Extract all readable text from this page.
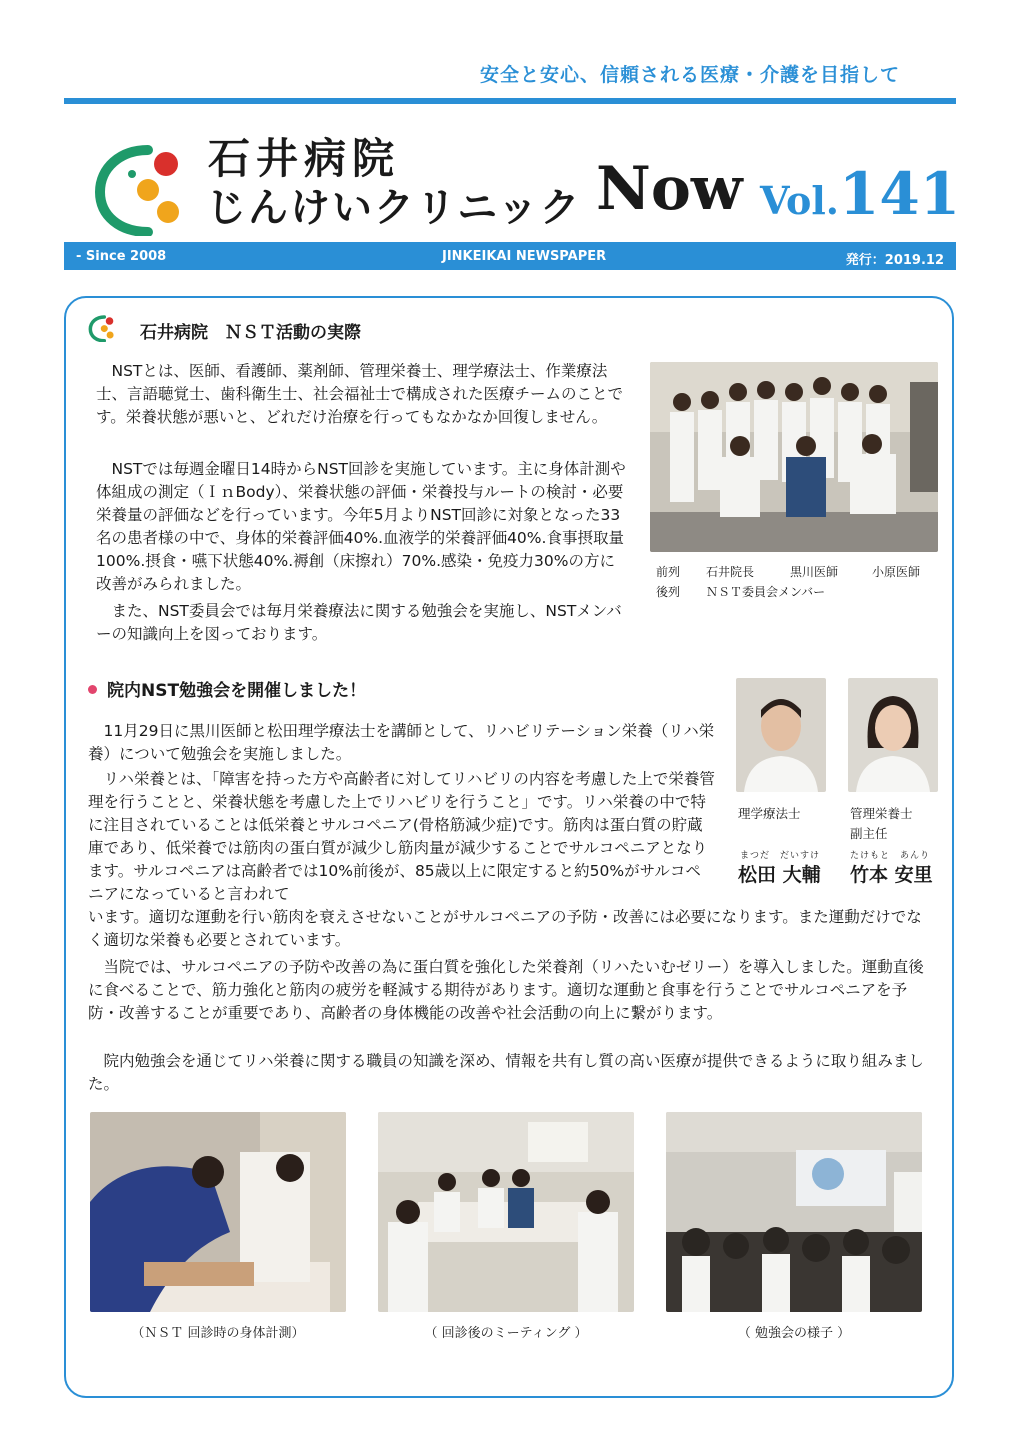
安全と安心、信頼される医療・介護を目指して
石井病院
じんけいクリニック Now Vol.141
- Since 2008	JINKEIKAI NEWSPAPER	発行：2019.12
石井病院　ＮＳＴ活動の実際
NSTとは、医師、看護師、薬剤師、管理栄養士、理学療法士、作業療法士、言語聴覚士、歯科衛生士、社会福祉士で構成された医療チームのことです。栄養状態が悪いと、どれだけ治療を行ってもなかなか回復しません。
NSTでは毎週金曜日14時からNST回診を実施しています。主に身体計測や体組成の測定（ＩｎBody）、栄養状態の評価・栄養投与ルートの検討・必要栄養量の評価などを行っています。今年5月よりNST回診に対象となった33名の患者様の中で、身体的栄養評価40%.血液学的栄養評価40%.食事摂取量100%.摂食・嚥下状態40%.褥創（床擦れ）70%.感染・免疫力30%の方に改善がみられました。
また、NST委員会では毎月栄養療法に関する勉強会を実施し、NSTメンバーの知識向上を図っております。
前列 石井院長	黒川医師	小原医師
後列 ＮＳＴ委員会メンバー
院内NST勉強会を開催しました！
11月29日に黒川医師と松田理学療法士を講師として、リハビリテーション栄養（リハ栄養）について勉強会を実施しました。
リハ栄養とは、「障害を持った方や高齢者に対してリハビリの内容を考慮した上で栄養管理を行うことと、栄養状態を考慮した上でリハビリを行うこと」です。リハ栄養の中で特に注目されていることは低栄養とサルコペニア(骨格筋減少症)です。筋肉は蛋白質の貯蔵庫であり、低栄養では筋肉の蛋白質が減少し筋肉量が減少することでサルコペニアとなります。サルコペニアは高齢者では10%前後が、85歳以上に限定すると約50%がサルコペニアになっていると言われて
います。適切な運動を行い筋肉を衰えさせないことがサルコペニアの予防・改善には必要になります。また運動だけでなく適切な栄養も必要とされています。
当院では、サルコペニアの予防や改善の為に蛋白質を強化した栄養剤（リハたいむゼリー）を導入しました。運動直後に食べることで、筋力強化と筋肉の疲労を軽減する期待があります。適切な運動と食事を行うことでサルコペニアを予防・改善することが重要であり、高齢者の身体機能の改善や社会活動の向上に繋がります。
院内勉強会を通じてリハ栄養に関する職員の知識を深め、情報を共有し質の高い医療が提供できるように取り組みました。
理学療法士
まつだ　だいすけ
松田 大輔
管理栄養士
副主任
たけもと　あんり
竹本 安里
（ＮＳＴ 回診時の身体計測）	（ 回診後のミーティング ）	（ 勉強会の様子 ）
